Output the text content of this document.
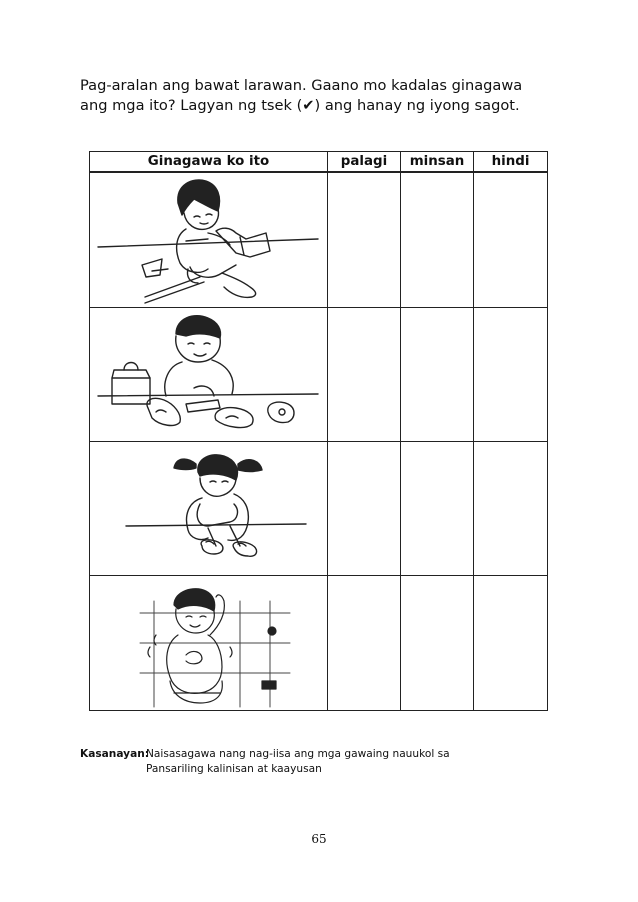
Pag-aralan ang bawat larawan. Gaano mo kadalas ginagawa

ang mga ito? Lagyan ng tsek (✔) ang hanay ng iyong sagot.

Ginagawa ko ito	palagi	minsan	hindi

Kasanayan:
Naisasagawa nang nag-iisa ang mga gawaing nauukol sa
Pansariling kalinisan at kaayusan
65
